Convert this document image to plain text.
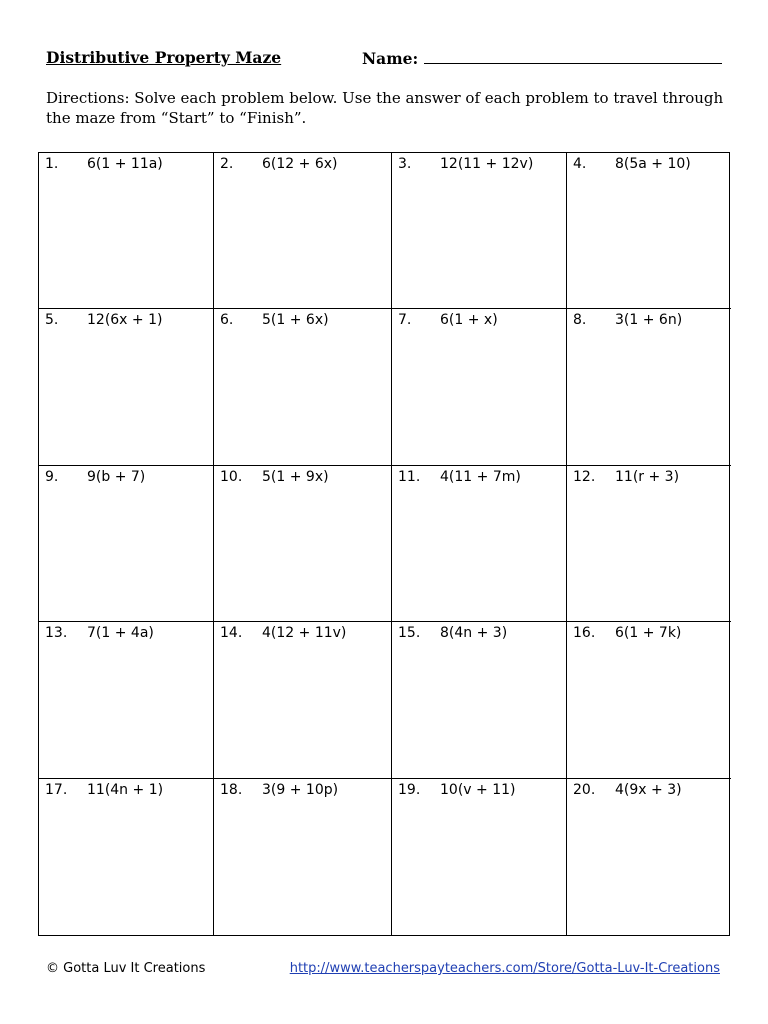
Distributive Property Maze	Name:
Directions: Solve each problem below. Use the answer of each problem to travel through the maze from “Start” to “Finish”.
1. 6(1 + 11a)	2. 6(12 + 6x)	3. 12(11 + 12v)	4. 8(5a + 10)
5. 12(6x + 1)	6. 5(1 + 6x)	7. 6(1 + x)	8. 3(1 + 6n)
9. 9(b + 7)	10. 5(1 + 9x)	11. 4(11 + 7m)	12. 11(r + 3)
13. 7(1 + 4a)	14. 4(12 + 11v)	15. 8(4n + 3)	16. 6(1 + 7k)
17. 11(4n + 1)	18. 3(9 + 10p)	19. 10(v + 11)	20. 4(9x + 3)
© Gotta Luv It Creations	http://www.teacherspayteachers.com/Store/Gotta-Luv-It-Creations
